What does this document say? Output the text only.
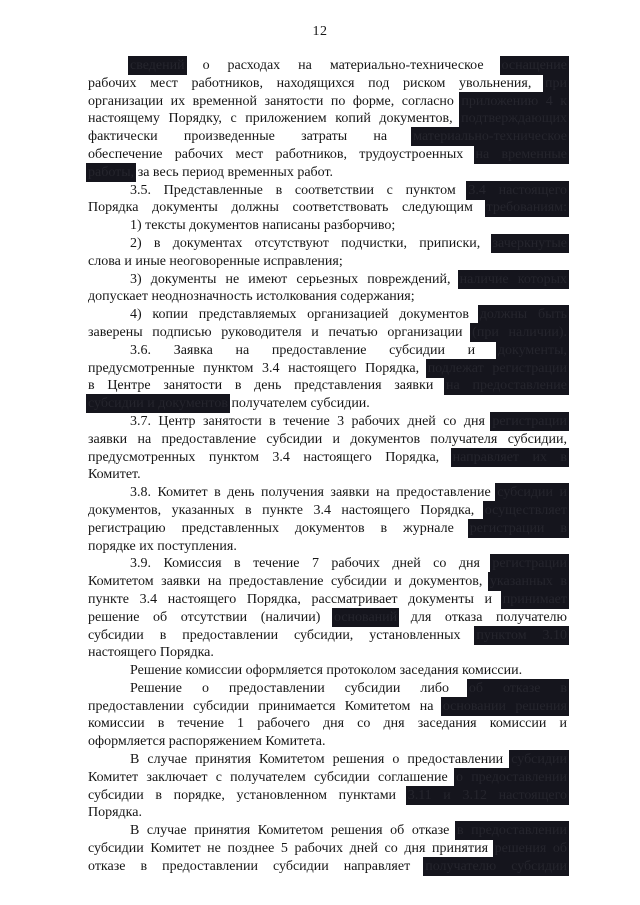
12
сведений о расходах на материально-техническое оснащение
рабочих мест работников, находящихся под риском увольнения, при
организации их временной занятости по форме, согласно приложению 4 к
настоящему Порядку, с приложением копий документов, подтверждающих
фактически произведенные затраты на материально-техническое
обеспечение рабочих мест работников, трудоустроенных на временные
работы, за весь период временных работ.
3.5. Представленные в соответствии с пунктом 3.4 настоящего
Порядка документы должны соответствовать следующим требованиям:
1) тексты документов написаны разборчиво;
2) в документах отсутствуют подчистки, приписки, зачеркнутые
слова и иные неоговоренные исправления;
3) документы не имеют серьезных повреждений, наличие которых
допускает неоднозначность истолкования содержания;
4) копии представляемых организацией документов должны быть
заверены подписью руководителя и печатью организации (при наличии).
3.6. Заявка на предоставление субсидии и документы,
предусмотренные пунктом 3.4 настоящего Порядка, подлежат регистрации
в Центре занятости в день представления заявки на предоставление
субсидии и документов получателем субсидии.
3.7. Центр занятости в течение 3 рабочих дней со дня регистрации
заявки на предоставление субсидии и документов получателя субсидии,
предусмотренных пунктом 3.4 настоящего Порядка, направляет их в
Комитет.
3.8. Комитет в день получения заявки на предоставление субсидии и
документов, указанных в пункте 3.4 настоящего Порядка, осуществляет
регистрацию представленных документов в журнале регистрации в
порядке их поступления.
3.9. Комиссия в течение 7 рабочих дней со дня регистрации
Комитетом заявки на предоставление субсидии и документов, указанных в
пункте 3.4 настоящего Порядка, рассматривает документы и принимает
решение об отсутствии (наличии) оснований для отказа получателю
субсидии в предоставлении субсидии, установленных пунктом 3.10
настоящего Порядка.
Решение комиссии оформляется протоколом заседания комиссии.
Решение о предоставлении субсидии либо об отказе в
предоставлении субсидии принимается Комитетом на основании решения
комиссии в течение 1 рабочего дня со дня заседания комиссии и
оформляется распоряжением Комитета.
В случае принятия Комитетом решения о предоставлении субсидии
Комитет заключает с получателем субсидии соглашение о предоставлении
субсидии в порядке, установленном пунктами 3.11 и 3.12 настоящего
Порядка.
В случае принятия Комитетом решения об отказе в предоставлении
субсидии Комитет не позднее 5 рабочих дней со дня принятия решения об
отказе в предоставлении субсидии направляет получателю субсидии
